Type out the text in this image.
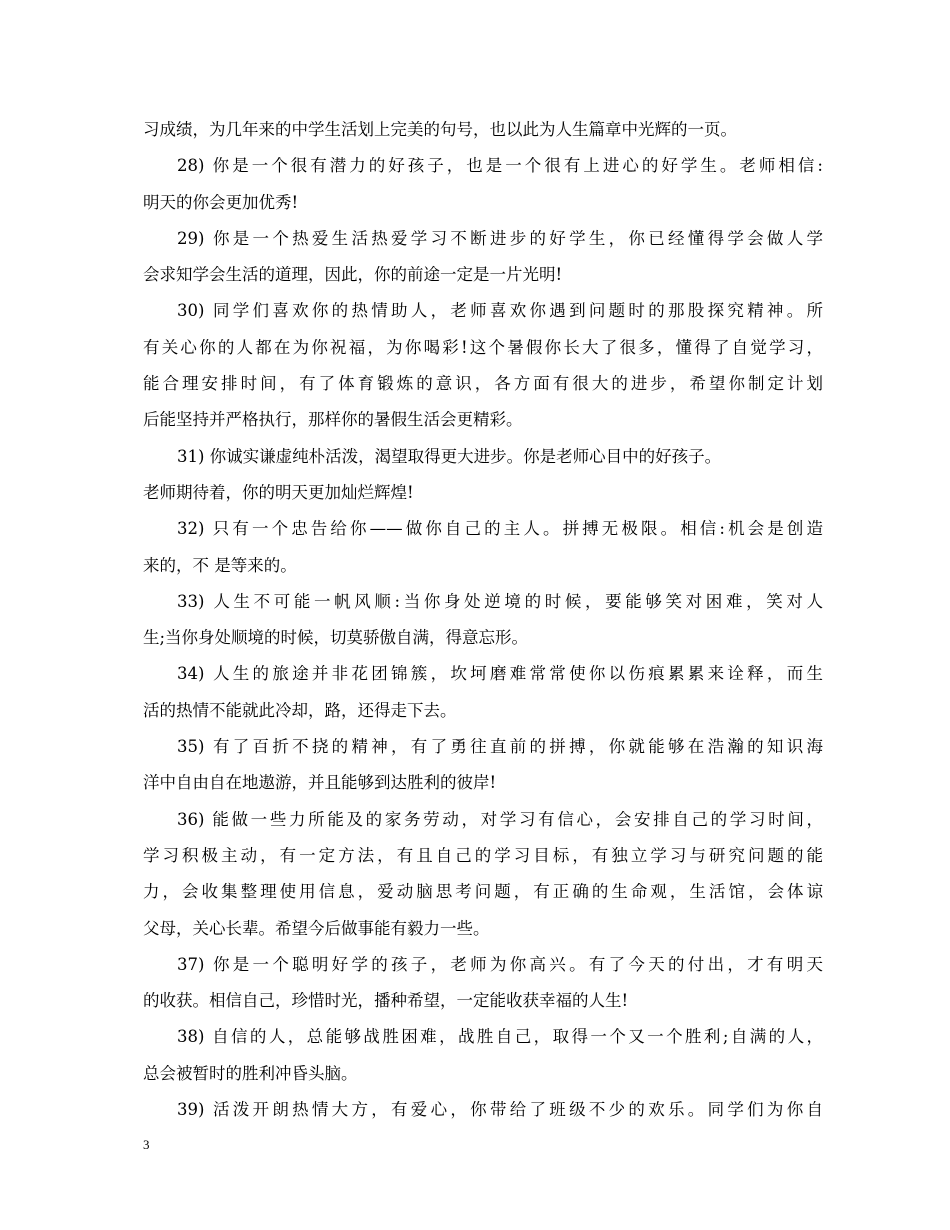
习成绩，为几年来的中学生活划上完美的句号，也以此为人生篇章中光辉的一页。
28) 你是一个很有潜力的好孩子，也是一个很有上进心的好学生。老师相信:
明天的你会更加优秀!
29) 你是一个热爱生活热爱学习不断进步的好学生，你已经懂得学会做人学
会求知学会生活的道理，因此，你的前途一定是一片光明!
30) 同学们喜欢你的热情助人，老师喜欢你遇到问题时的那股探究精神。所
有关心你的人都在为你祝福，为你喝彩!这个暑假你长大了很多，懂得了自觉学习，
能合理安排时间，有了体育锻炼的意识，各方面有很大的进步，希望你制定计划
后能坚持并严格执行，那样你的暑假生活会更精彩。
31) 你诚实谦虚纯朴活泼，渴望取得更大进步。你是老师心目中的好孩子。
老师期待着，你的明天更加灿烂辉煌!
32) 只有一个忠告给你——做你自己的主人。拼搏无极限。相信:机会是创造
来的，不 是等来的。
33) 人生不可能一帆风顺:当你身处逆境的时候，要能够笑对困难，笑对人
生;当你身处顺境的时候，切莫骄傲自满，得意忘形。
34) 人生的旅途并非花团锦簇，坎坷磨难常常使你以伤痕累累来诠释，而生
活的热情不能就此冷却，路，还得走下去。
35) 有了百折不挠的精神，有了勇往直前的拼搏，你就能够在浩瀚的知识海
洋中自由自在地遨游，并且能够到达胜利的彼岸!
36) 能做一些力所能及的家务劳动，对学习有信心，会安排自己的学习时间，
学习积极主动，有一定方法，有且自己的学习目标，有独立学习与研究问题的能
力，会收集整理使用信息，爱动脑思考问题，有正确的生命观，生活馆，会体谅
父母，关心长辈。希望今后做事能有毅力一些。
37) 你是一个聪明好学的孩子，老师为你高兴。有了今天的付出，才有明天
的收获。相信自己，珍惜时光，播种希望，一定能收获幸福的人生!
38) 自信的人，总能够战胜困难，战胜自己，取得一个又一个胜利;自满的人，
总会被暂时的胜利冲昏头脑。
39) 活泼开朗热情大方，有爱心，你带给了班级不少的欢乐。同学们为你自
3
